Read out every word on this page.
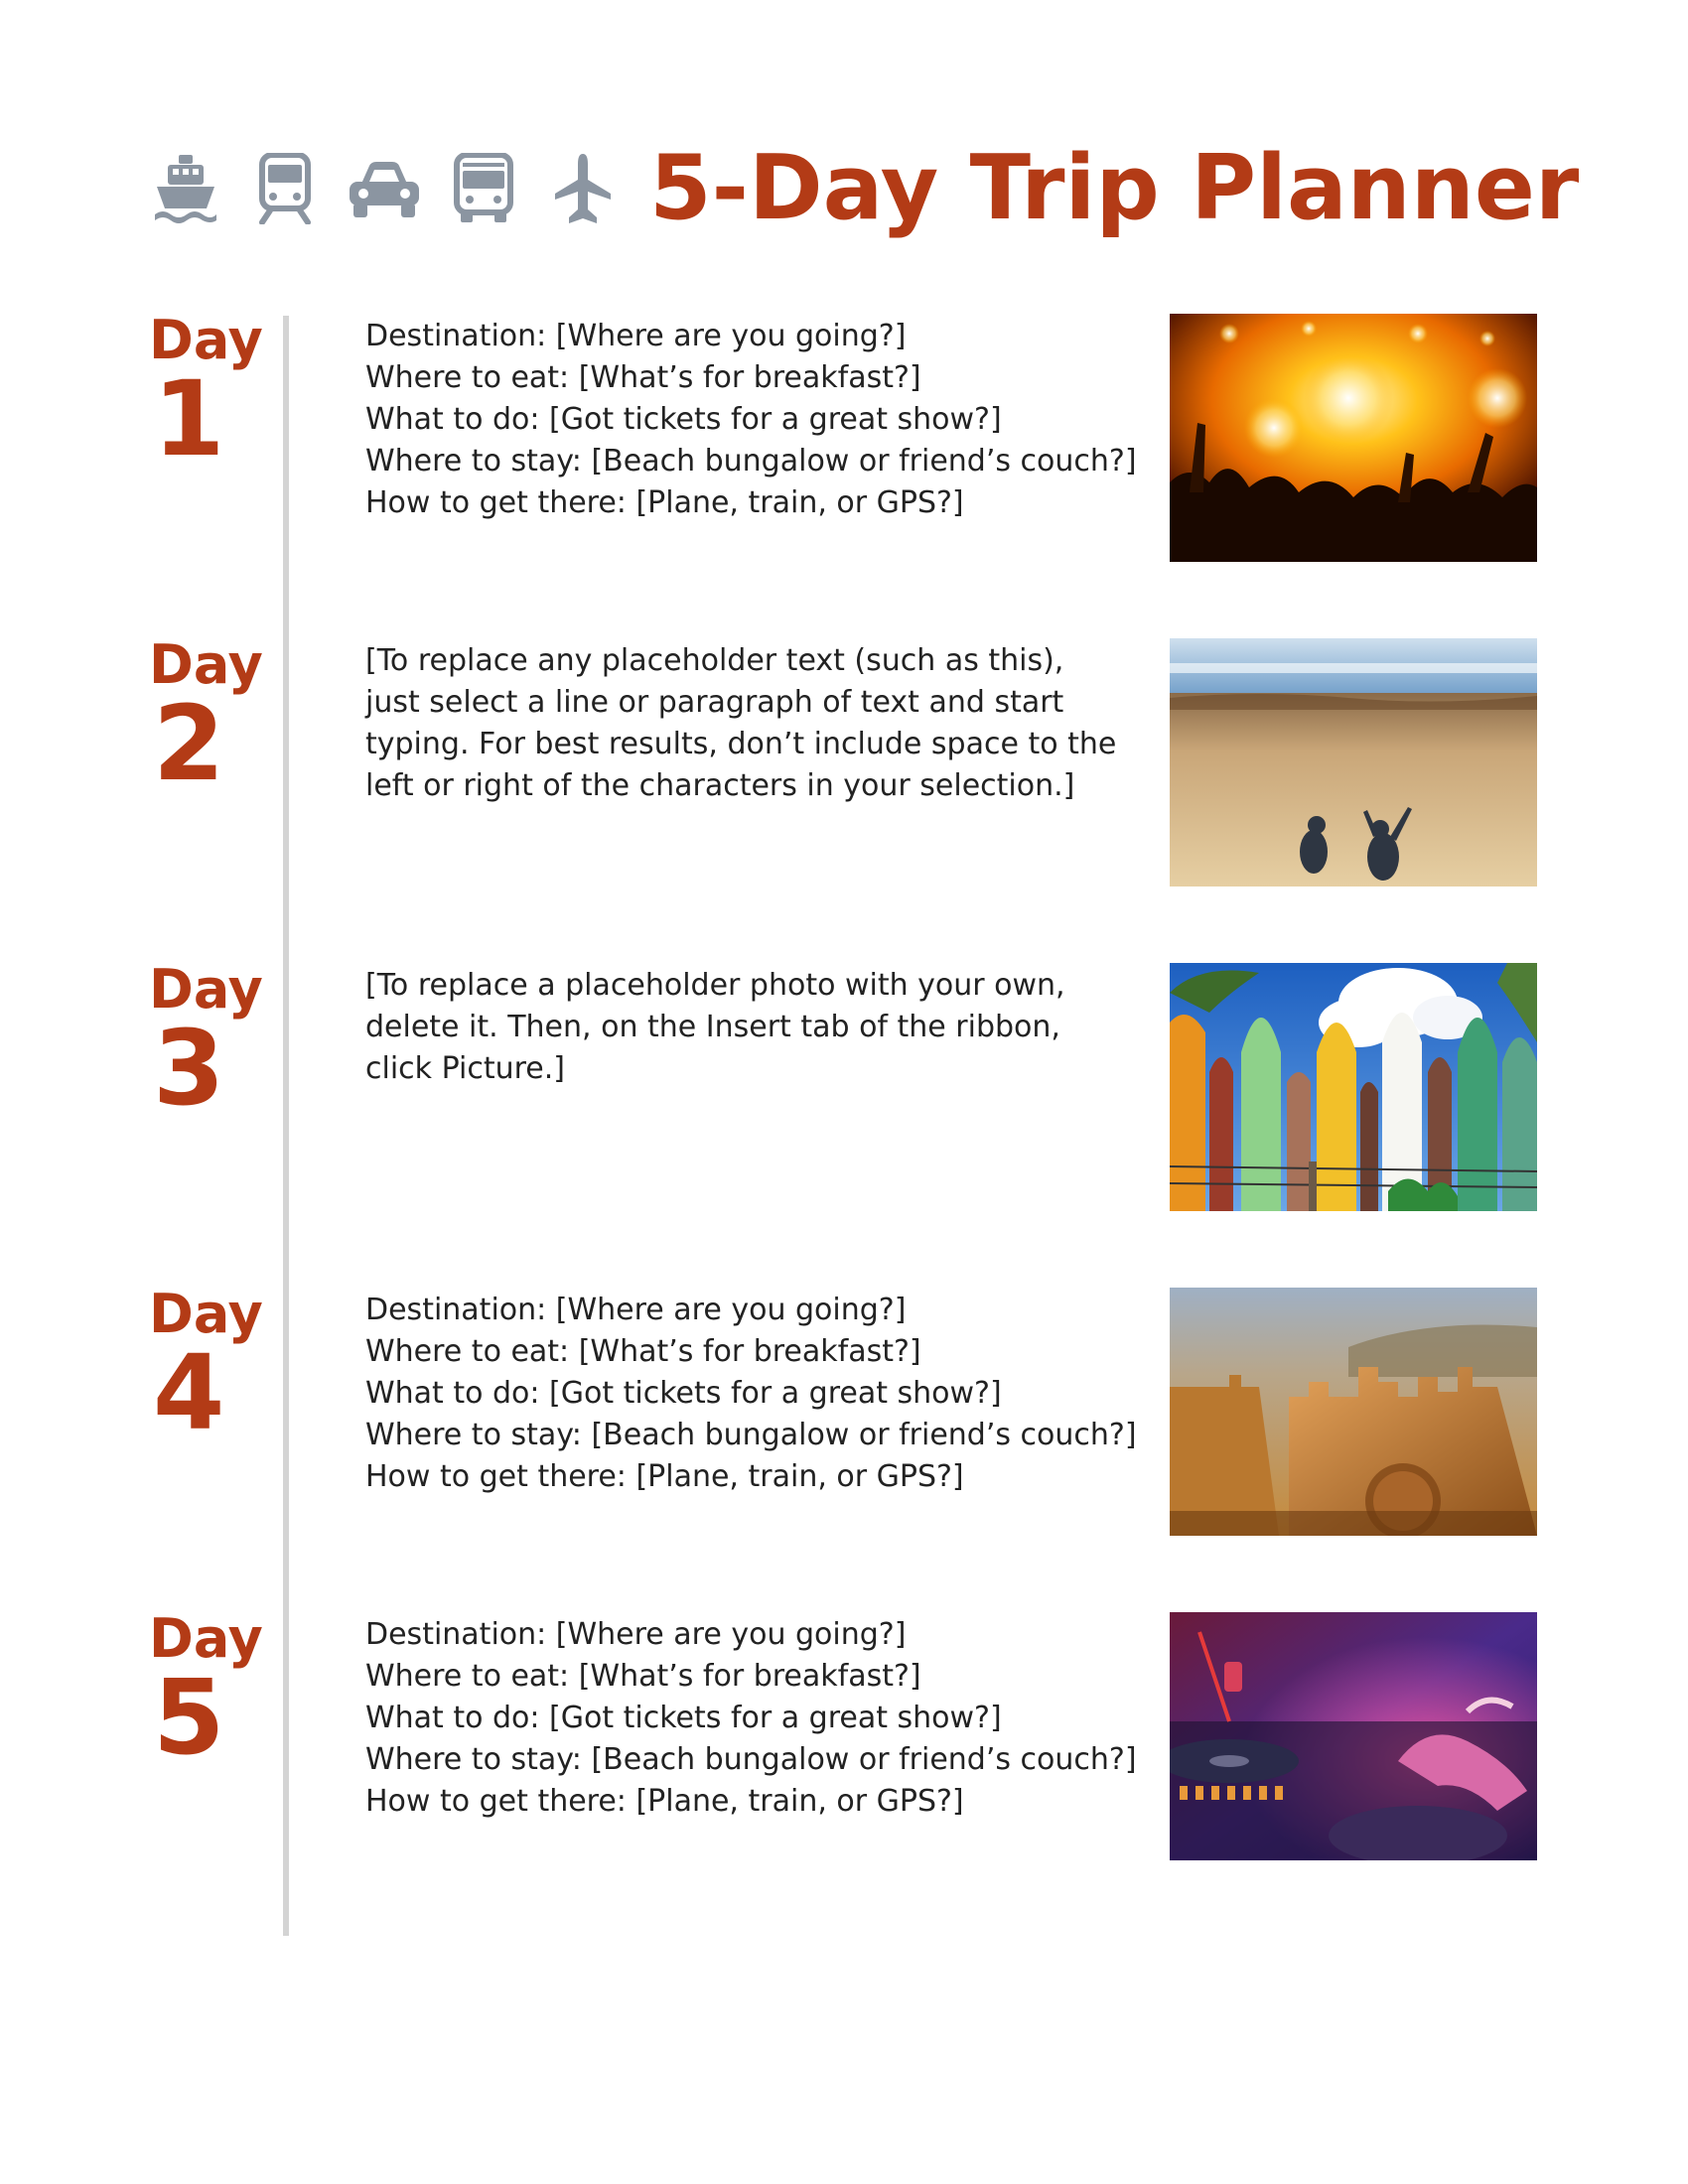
5-Day Trip Planner
Day
1
Destination: [Where are you going?]
Where to eat: [What’s for breakfast?]
What to do: [Got tickets for a great show?]
Where to stay: [Beach bungalow or friend’s couch?]
How to get there: [Plane, train, or GPS?]
Day
2
[To replace any placeholder text (such as this), just select a line or paragraph of text and start typing. For best results, don’t include space to the left or right of the characters in your selection.]
Day
3
[To replace a placeholder photo with your own, delete it. Then, on the Insert tab of the ribbon, click Picture.]
Day
4
Destination: [Where are you going?]
Where to eat: [What’s for breakfast?]
What to do: [Got tickets for a great show?]
Where to stay: [Beach bungalow or friend’s couch?]
How to get there: [Plane, train, or GPS?]
Day
5
Destination: [Where are you going?]
Where to eat: [What’s for breakfast?]
What to do: [Got tickets for a great show?]
Where to stay: [Beach bungalow or friend’s couch?]
How to get there: [Plane, train, or GPS?]
